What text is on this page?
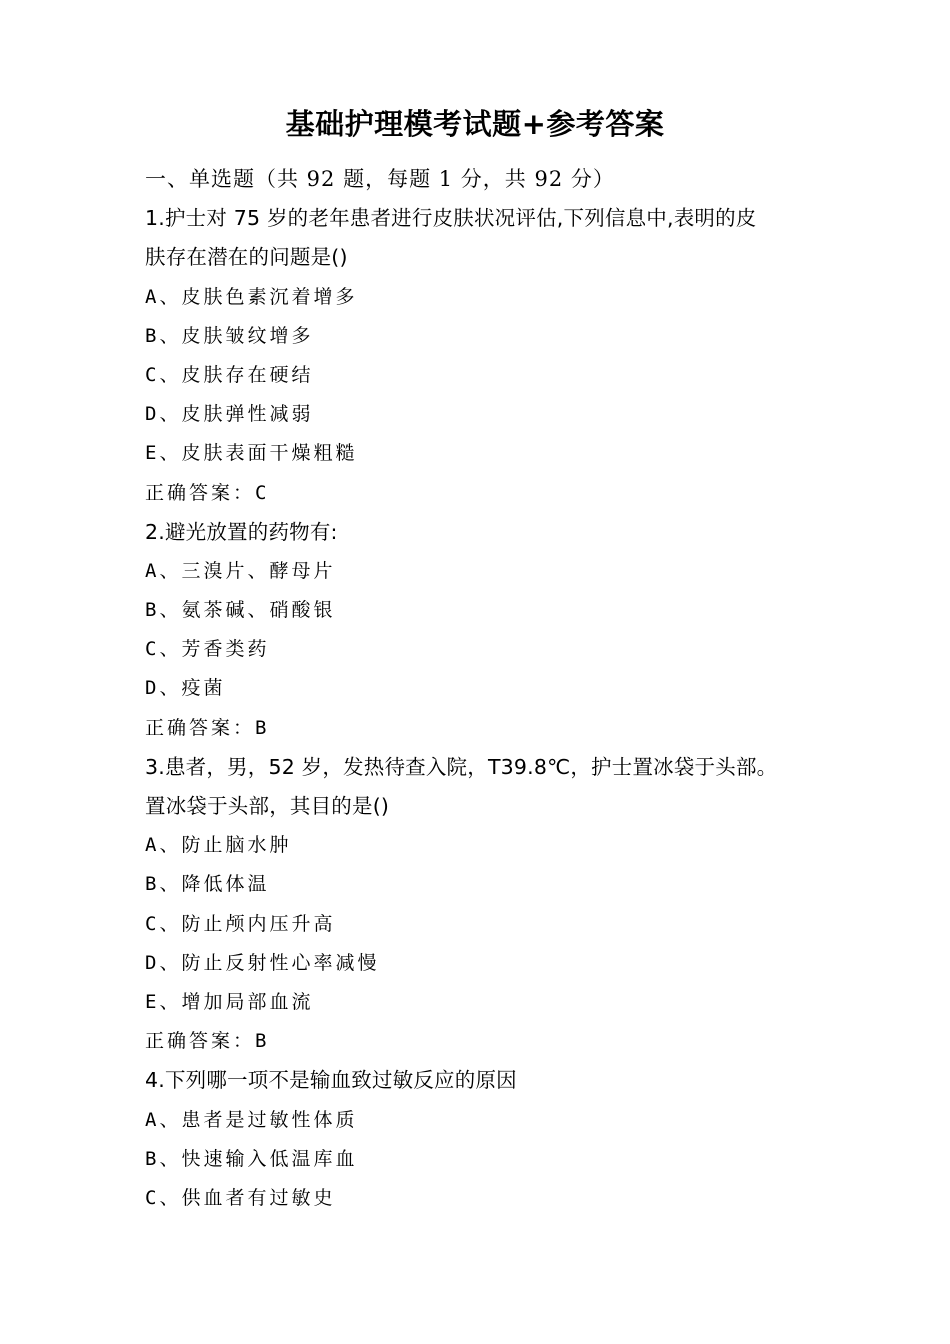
基础护理模考试题+参考答案
一、单选题（共 92 题，每题 1 分，共 92 分）
1.护士对 75 岁的老年患者进行皮肤状况评估,下列信息中,表明的皮
肤存在潜在的问题是()
A、皮肤色素沉着增多
B、皮肤皱纹增多
C、皮肤存在硬结
D、皮肤弹性减弱
E、皮肤表面干燥粗糙
正确答案：C
2.避光放置的药物有:
A、三溴片、酵母片
B、氨茶碱、硝酸银
C、芳香类药
D、疫菌
正确答案：B
3.患者，男，52 岁，发热待查入院，T39.8℃，护士置冰袋于头部。
置冰袋于头部，其目的是()
A、防止脑水肿
B、降低体温
C、防止颅内压升高
D、防止反射性心率减慢
E、增加局部血流
正确答案：B
4.下列哪一项不是输血致过敏反应的原因
A、患者是过敏性体质
B、快速输入低温库血
C、供血者有过敏史
